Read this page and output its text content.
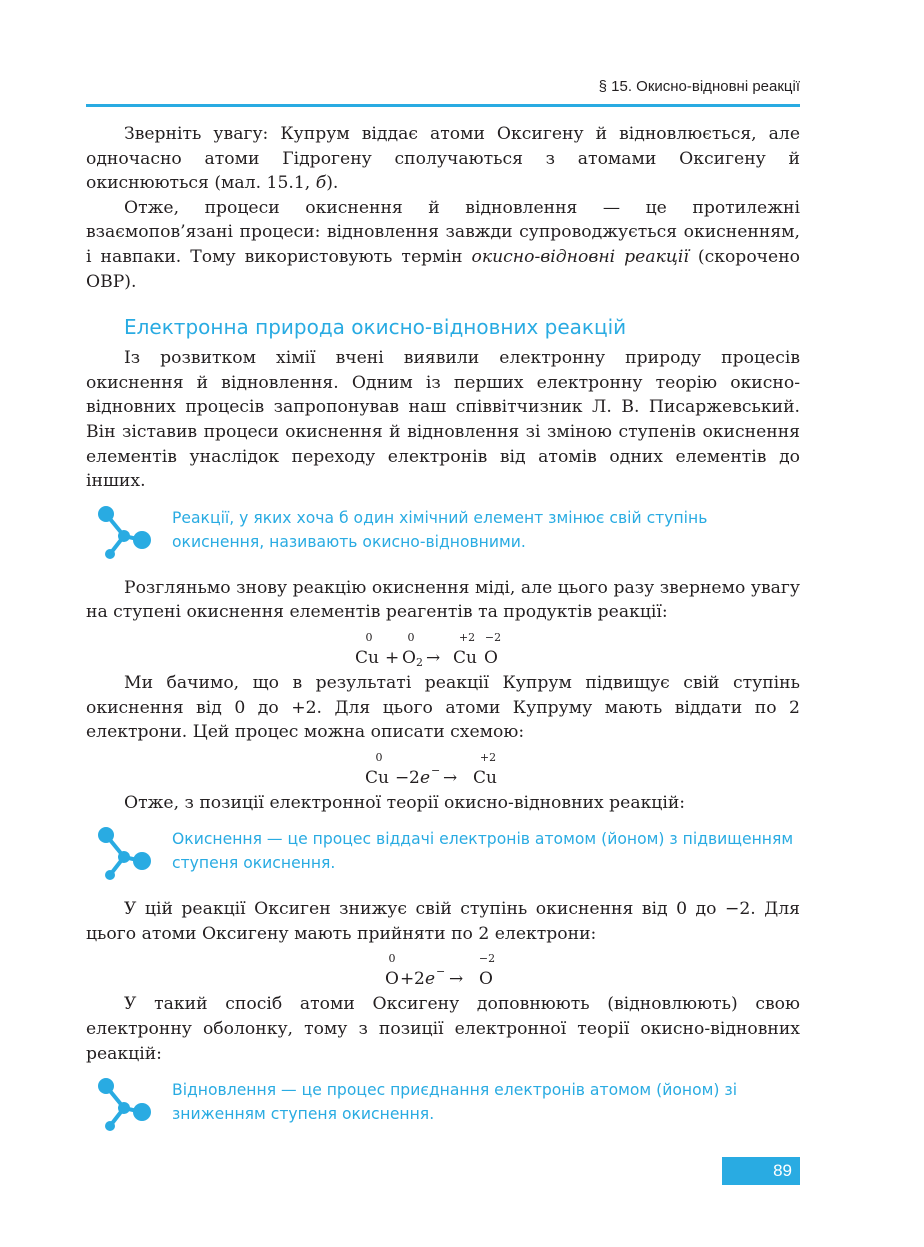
§ 15. Окисно-відновні реакції

Зверніть увагу: Купрум віддає атоми Оксигену й відновлюється, але одночасно атоми Гідрогену сполучаються з атомами Оксигену й окиснюються (мал. 15.1, б).

Отже, процеси окиснення й відновлення — це протилежні взаємопов’язані процеси: відновлення завжди супроводжується окисненням, і навпаки. Тому використовують термін окисно-відновні реакції (скорочено ОВР).

Електронна природа окисно-відновних реакцій

Із розвитком хімії вчені виявили електронну природу процесів окиснення й відновлення. Одним із перших електронну теорію окисно-відновних процесів запропонував наш співвітчизник Л. В. Писаржевський. Він зіставив процеси окиснення й відновлення зі зміною ступенів окиснення елементів унаслідок переходу електронів від атомів одних елементів до інших.

Реакції, у яких хоча б один хімічний елемент змінює свій ступінь окиснення, називають окисно-відновними.

Розгляньмо знову реакцію окиснення міді, але цього разу звернемо увагу на ступені окиснення елементів реагентів та продуктів реакції:

0	0	+2 −2
Cu + O 2 → Cu O

Ми бачимо, що в результаті реакції Купрум підвищує свій ступінь окиснення від 0 до +2. Для цього атоми Купруму мають віддати по 2 електрони. Цей процес можна описати схемою:

0	+2
Cu − 2 e − → Cu

Отже, з позиції електронної теорії окисно-відновних реакцій:

Окиснення — це процес віддачі електронів атомом (йоном) з підвищенням ступеня окиснення.

У цій реакції Оксиген знижує свій ступінь окиснення від 0 до −2. Для цього атоми Оксигену мають прийняти по 2 електрони:

0	−2
O + 2 e − → O

У такий спосіб атоми Оксигену доповнюють (відновлюють) свою електронну оболонку, тому з позиції електронної теорії окисно-відновних реакцій:

Відновлення — це процес приєднання електронів атомом (йоном) зі зниженням ступеня окиснення.

89
